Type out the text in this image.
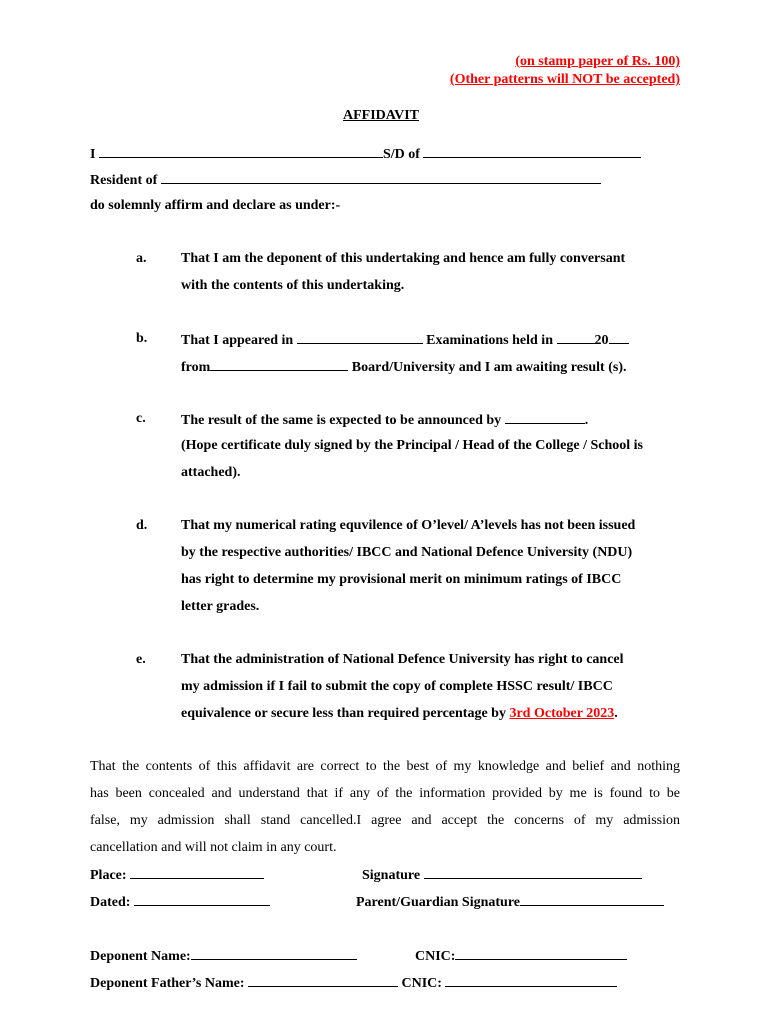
(on stamp paper of Rs. 100)
(Other patterns will NOT be accepted)
AFFIDAVIT
I	S/D of
Resident of
do solemnly affirm and declare as under:-
a. That I am the deponent of this undertaking and hence am fully conversant
with the contents of this undertaking.
b. That I appeared in	Examinations held in	20
from	Board/University and I am awaiting result (s).
c.	The result of the same is expected to be announced by	.
(Hope certificate duly signed by the Principal / Head of the College / School is
attached).
d. That my numerical rating equvilence of O’level/ A’levels has not been issued
by the respective authorities/ IBCC and National Defence University (NDU)
has right to determine my provisional merit on minimum ratings of IBCC
letter grades.
e.	That the administration of National Defence University has right to cancel
my admission if I fail to submit the copy of complete HSSC result/ IBCC
equivalence or secure less than required percentage by 3rd October 2023.
That the contents of this affidavit are correct to the best of my knowledge and belief and nothing
has been concealed and understand that if any of the information provided by me is found to be
false, my admission shall stand cancelled.I agree and accept the concerns of my admission
cancellation and will not claim in any court.
Place:	Signature
Dated:	Parent/Guardian Signature
Deponent Name:	CNIC:
Deponent Father’s Name:	CNIC:
